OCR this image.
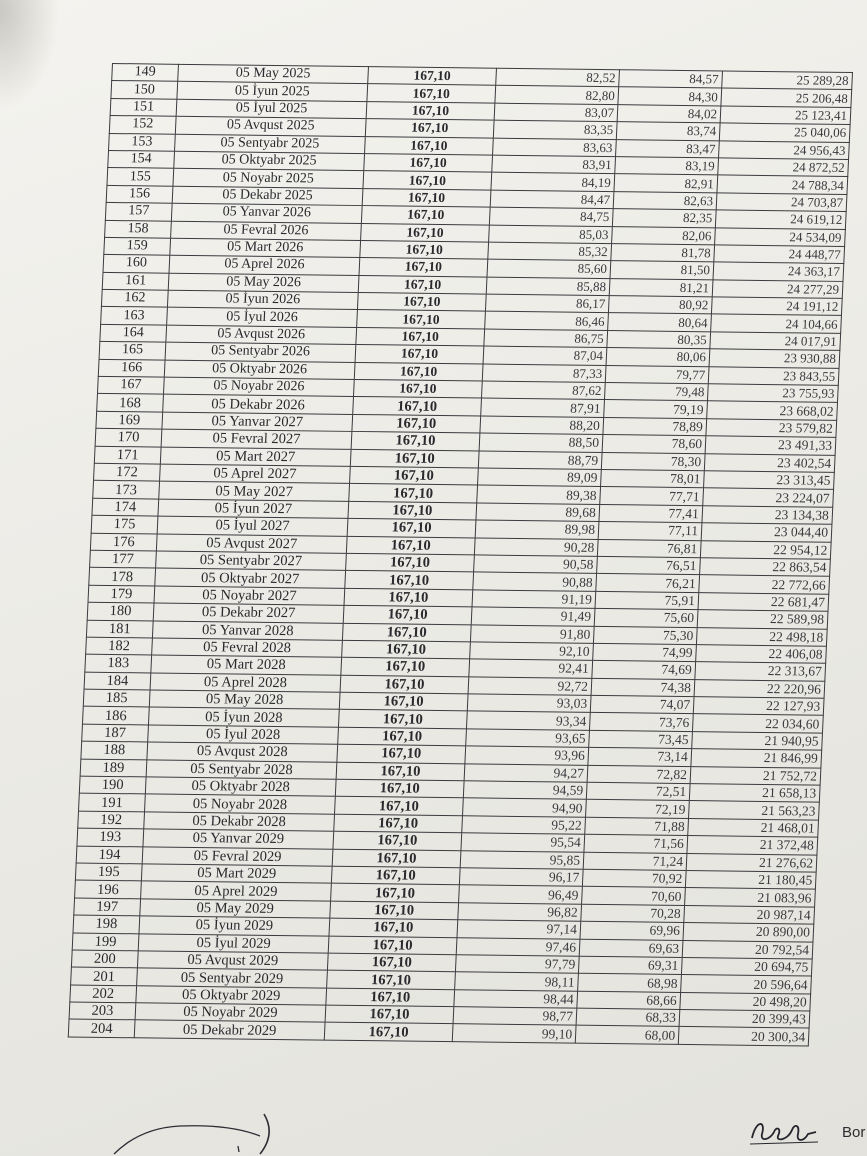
149	05 May 2025	167,10	82,52	84,57	25 289,28
150	05 İyun 2025	167,10	82,80	84,30	25 206,48
151	05 İyul 2025	167,10	83,07	84,02	25 123,41
152	05 Avqust 2025	167,10	83,35	83,74	25 040,06
153	05 Sentyabr 2025	167,10	83,63	83,47	24 956,43
154	05 Oktyabr 2025	167,10	83,91	83,19	24 872,52
155	05 Noyabr 2025	167,10	84,19	82,91	24 788,34
156	05 Dekabr 2025	167,10	84,47	82,63	24 703,87
157	05 Yanvar 2026	167,10	84,75	82,35	24 619,12
158	05 Fevral 2026	167,10	85,03	82,06	24 534,09
159	05 Mart 2026	167,10	85,32	81,78	24 448,77
160	05 Aprel 2026	167,10	85,60	81,50	24 363,17
161	05 May 2026	167,10	85,88	81,21	24 277,29
162	05 İyun 2026	167,10	86,17	80,92	24 191,12
163	05 İyul 2026	167,10	86,46	80,64	24 104,66
164	05 Avqust 2026	167,10	86,75	80,35	24 017,91
165	05 Sentyabr 2026	167,10	87,04	80,06	23 930,88
166	05 Oktyabr 2026	167,10	87,33	79,77	23 843,55
167	05 Noyabr 2026	167,10	87,62	79,48	23 755,93
168	05 Dekabr 2026	167,10	87,91	79,19	23 668,02
169	05 Yanvar 2027	167,10	88,20	78,89	23 579,82
170	05 Fevral 2027	167,10	88,50	78,60	23 491,33
171	05 Mart 2027	167,10	88,79	78,30	23 402,54
172	05 Aprel 2027	167,10	89,09	78,01	23 313,45
173	05 May 2027	167,10	89,38	77,71	23 224,07
174	05 İyun 2027	167,10	89,68	77,41	23 134,38
175	05 İyul 2027	167,10	89,98	77,11	23 044,40
176	05 Avqust 2027	167,10	90,28	76,81	22 954,12
177	05 Sentyabr 2027	167,10	90,58	76,51	22 863,54
178	05 Oktyabr 2027	167,10	90,88	76,21	22 772,66
179	05 Noyabr 2027	167,10	91,19	75,91	22 681,47
180	05 Dekabr 2027	167,10	91,49	75,60	22 589,98
181	05 Yanvar 2028	167,10	91,80	75,30	22 498,18
182	05 Fevral 2028	167,10	92,10	74,99	22 406,08
183	05 Mart 2028	167,10	92,41	74,69	22 313,67
184	05 Aprel 2028	167,10	92,72	74,38	22 220,96
185	05 May 2028	167,10	93,03	74,07	22 127,93
186	05 İyun 2028	167,10	93,34	73,76	22 034,60
187	05 İyul 2028	167,10	93,65	73,45	21 940,95
188	05 Avqust 2028	167,10	93,96	73,14	21 846,99
189	05 Sentyabr 2028	167,10	94,27	72,82	21 752,72
190	05 Oktyabr 2028	167,10	94,59	72,51	21 658,13
191	05 Noyabr 2028	167,10	94,90	72,19	21 563,23
192	05 Dekabr 2028	167,10	95,22	71,88	21 468,01
193	05 Yanvar 2029	167,10	95,54	71,56	21 372,48
194	05 Fevral 2029	167,10	95,85	71,24	21 276,62
195	05 Mart 2029	167,10	96,17	70,92	21 180,45
196	05 Aprel 2029	167,10	96,49	70,60	21 083,96
197	05 May 2029	167,10	96,82	70,28	20 987,14
198	05 İyun 2029	167,10	97,14	69,96	20 890,00
199	05 İyul 2029	167,10	97,46	69,63	20 792,54
200	05 Avqust 2029	167,10	97,79	69,31	20 694,75
201	05 Sentyabr 2029	167,10	98,11	68,98	20 596,64
202	05 Oktyabr 2029	167,10	98,44	68,66	20 498,20
203	05 Noyabr 2029	167,10	98,77	68,33	20 399,43
204	05 Dekabr 2029	167,10	99,10	68,00	20 300,34
Bor
